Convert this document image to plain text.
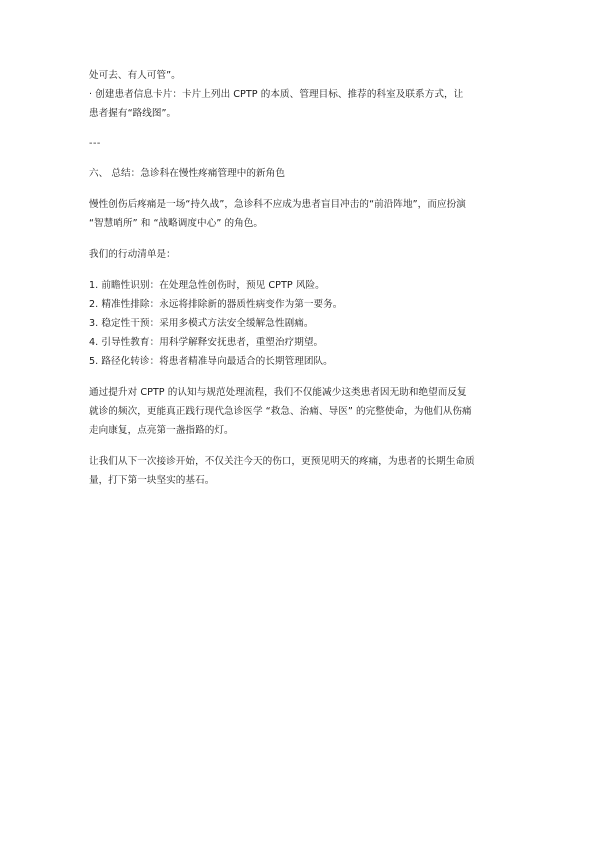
处可去、有人可管”。

· 创建患者信息卡片：卡片上列出 CPTP 的本质、管理目标、推荐的科室及联系方式，让

患者握有“路线图”。

---

六、 总结：急诊科在慢性疼痛管理中的新角色

慢性创伤后疼痛是一场“持久战”，急诊科不应成为患者盲目冲击的“前沿阵地”，而应扮演

“智慧哨所” 和 “战略调度中心” 的角色。

我们的行动清单是：

1. 前瞻性识别：在处理急性创伤时，预见 CPTP 风险。

2. 精准性排除：永远将排除新的器质性病变作为第一要务。

3. 稳定性干预：采用多模式方法安全缓解急性剧痛。

4. 引导性教育：用科学解释安抚患者，重塑治疗期望。

5. 路径化转诊：将患者精准导向最适合的长期管理团队。

通过提升对 CPTP 的认知与规范处理流程，我们不仅能减少这类患者因无助和绝望而反复

就诊的频次，更能真正践行现代急诊医学 “救急、治痛、导医” 的完整使命，为他们从伤痛

走向康复，点亮第一盏指路的灯。

让我们从下一次接诊开始，不仅关注今天的伤口，更预见明天的疼痛，为患者的长期生命质

量，打下第一块坚实的基石。
